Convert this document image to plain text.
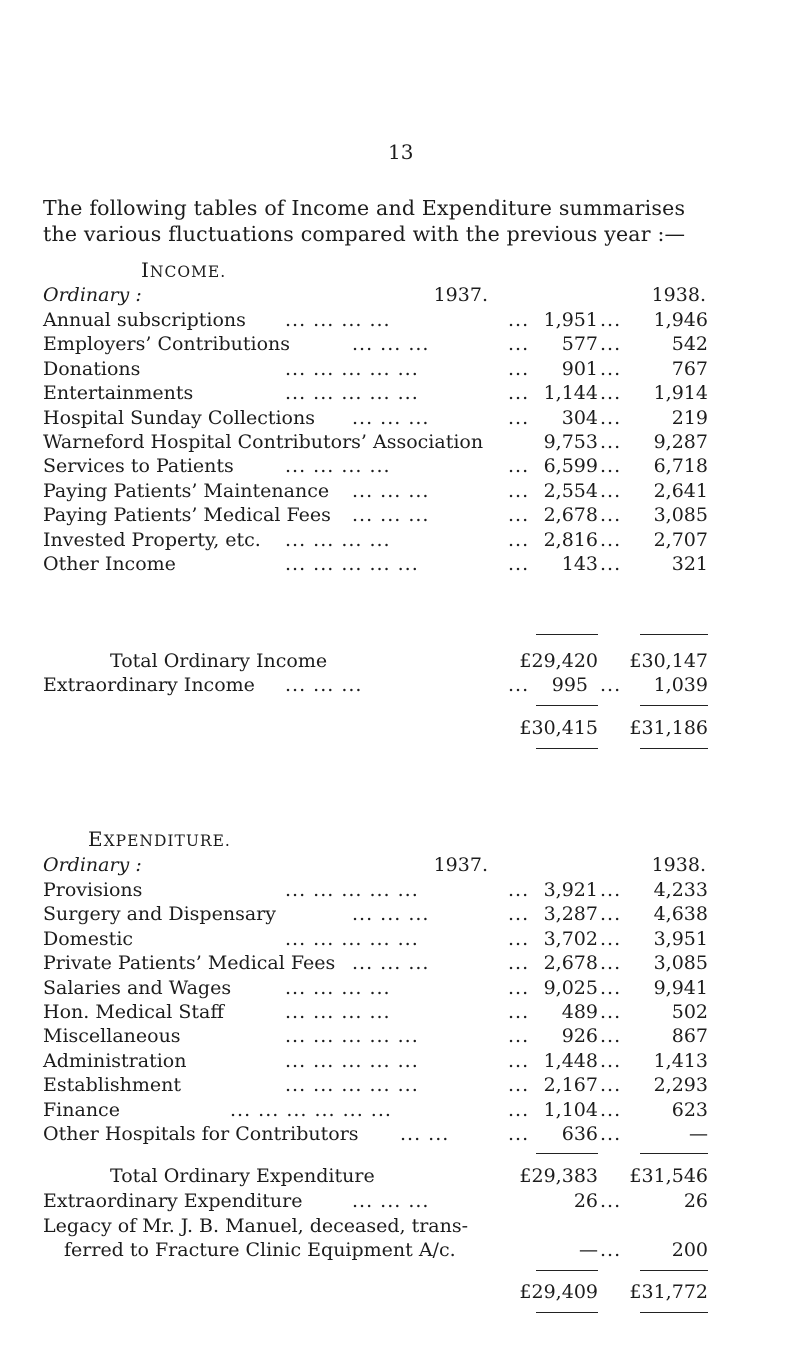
13
The following tables of Income and Expenditure summarises
the various fluctuations compared with the previous year :—
INCOME.
Ordinary :	1937.	1938.
Annual subscriptions ... ... ... ...	... 1,951 ...	1,946
Employers’ Contributions	... ... ...	...	577 ...	542
Donations	... ... ... ... ...	...	901 ...	767
Entertainments	... ... ... ... ...	... 1,144 ...	1,914
Hospital Sunday Collections ... ... ...	...	304 ...	219
Warneford Hospital Contributors’ Association	9,753 ...	9,287
Services to Patients	... ... ... ...	... 6,599 ...	6,718
Paying Patients’ Maintenance ... ... ...	... 2,554 ...	2,641
Paying Patients’ Medical Fees ... ... ...	... 2,678 ...	3,085
Invested Property, etc. ... ... ... ...	... 2,816 ...	2,707
Other Income	... ... ... ... ...	...	143 ...	321
Total Ordinary Income	£29,420 £30,147
Extraordinary Income ... ... ...	...	995 ...	1,039
£30,415 £31,186
EXPENDITURE.
Ordinary :	1937.	1938.
Provisions	... ... ... ... ...	... 3,921 ...	4,233
Surgery and Dispensary	... ... ...	... 3,287 ...	4,638
Domestic	... ... ... ... ...	... 3,702 ...	3,951
Private Patients’ Medical Fees ... ... ...	... 2,678 ...	3,085
Salaries and Wages	... ... ... ...	... 9,025 ...	9,941
Hon. Medical Staff	... ... ... ...	...	489 ...	502
Miscellaneous	... ... ... ... ...	...	926 ...	867
Administration	... ... ... ... ...	... 1,448 ...	1,413
Establishment	... ... ... ... ...	... 2,167 ...	2,293
Finance	... ... ... ... ... ...	... 1,104 ...	623
Other Hospitals for Contributors ... ...	...	636 ...	—
Total Ordinary Expenditure	£29,383 £31,546
Extraordinary Expenditure	... ... ...	26 ...	26
Legacy of Mr. J. B. Manuel, deceased, trans-
ferred to Fracture Clinic Equipment A/c.	— ...	200
£29,409 £31,772
